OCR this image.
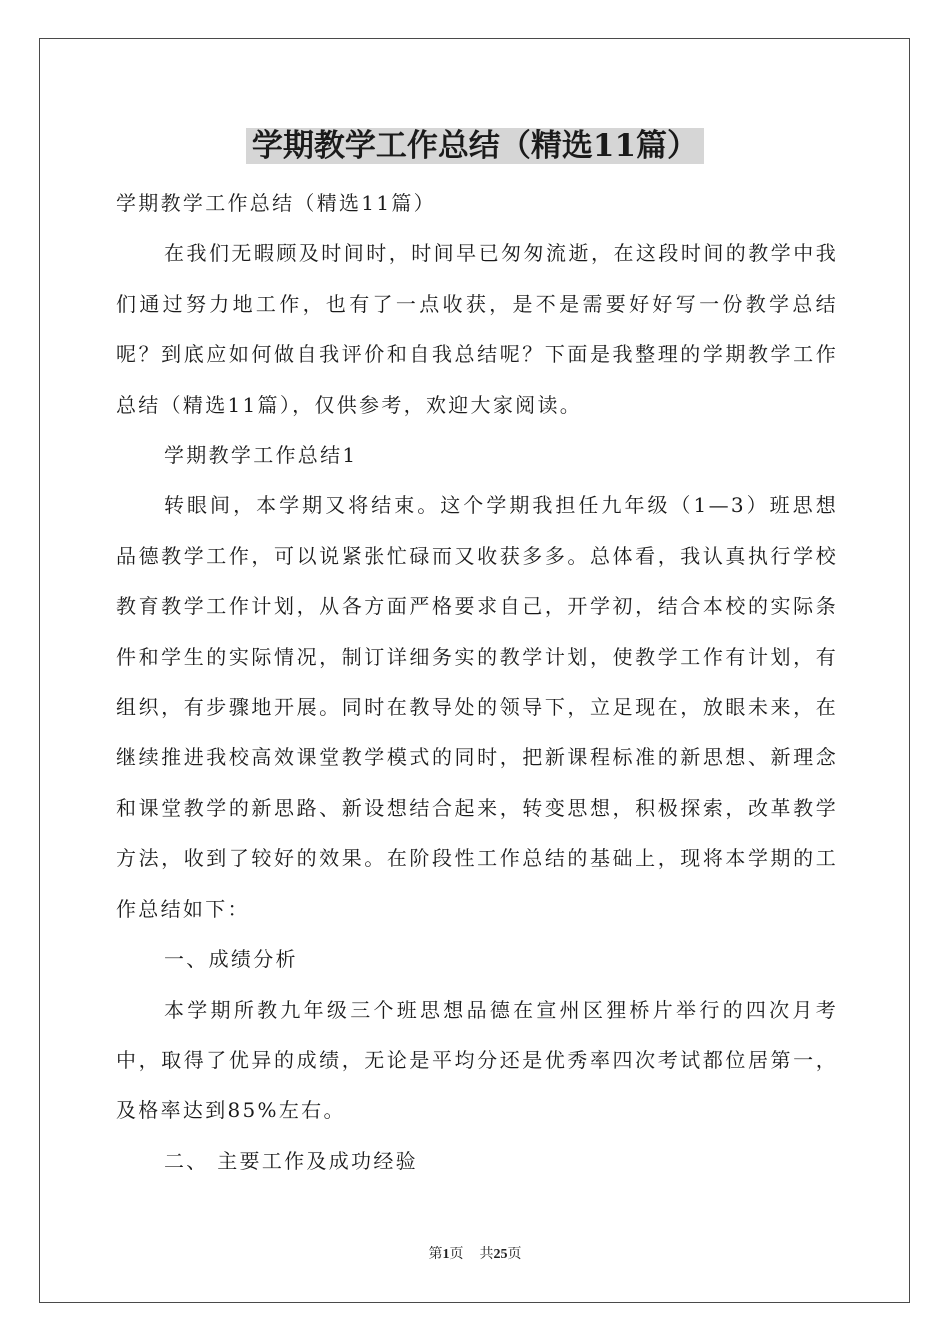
学期教学工作总结（精选11篇）

学期教学工作总结（精选11篇）

在我们无暇顾及时间时，时间早已匆匆流逝，在这段时间的教学中我们通过努力地工作，也有了一点收获，是不是需要好好写一份教学总结呢？到底应如何做自我评价和自我总结呢？下面是我整理的学期教学工作总结（精选11篇），仅供参考，欢迎大家阅读。

学期教学工作总结1

转眼间，本学期又将结束。这个学期我担任九年级（1—3）班思想品德教学工作，可以说紧张忙碌而又收获多多。总体看，我认真执行学校教育教学工作计划，从各方面严格要求自己，开学初，结合本校的实际条件和学生的实际情况，制订详细务实的教学计划，使教学工作有计划，有组织，有步骤地开展。同时在教导处的领导下，立足现在，放眼未来，在继续推进我校高效课堂教学模式的同时，把新课程标准的新思想、新理念和课堂教学的新思路、新设想结合起来，转变思想，积极探索，改革教学方法，收到了较好的效果。在阶段性工作总结的基础上，现将本学期的工作总结如下：

一、成绩分析

本学期所教九年级三个班思想品德在宣州区狸桥片举行的四次月考中，取得了优异的成绩，无论是平均分还是优秀率四次考试都位居第一，及格率达到85%左右。

二、 主要工作及成功经验

第1页 共25页
